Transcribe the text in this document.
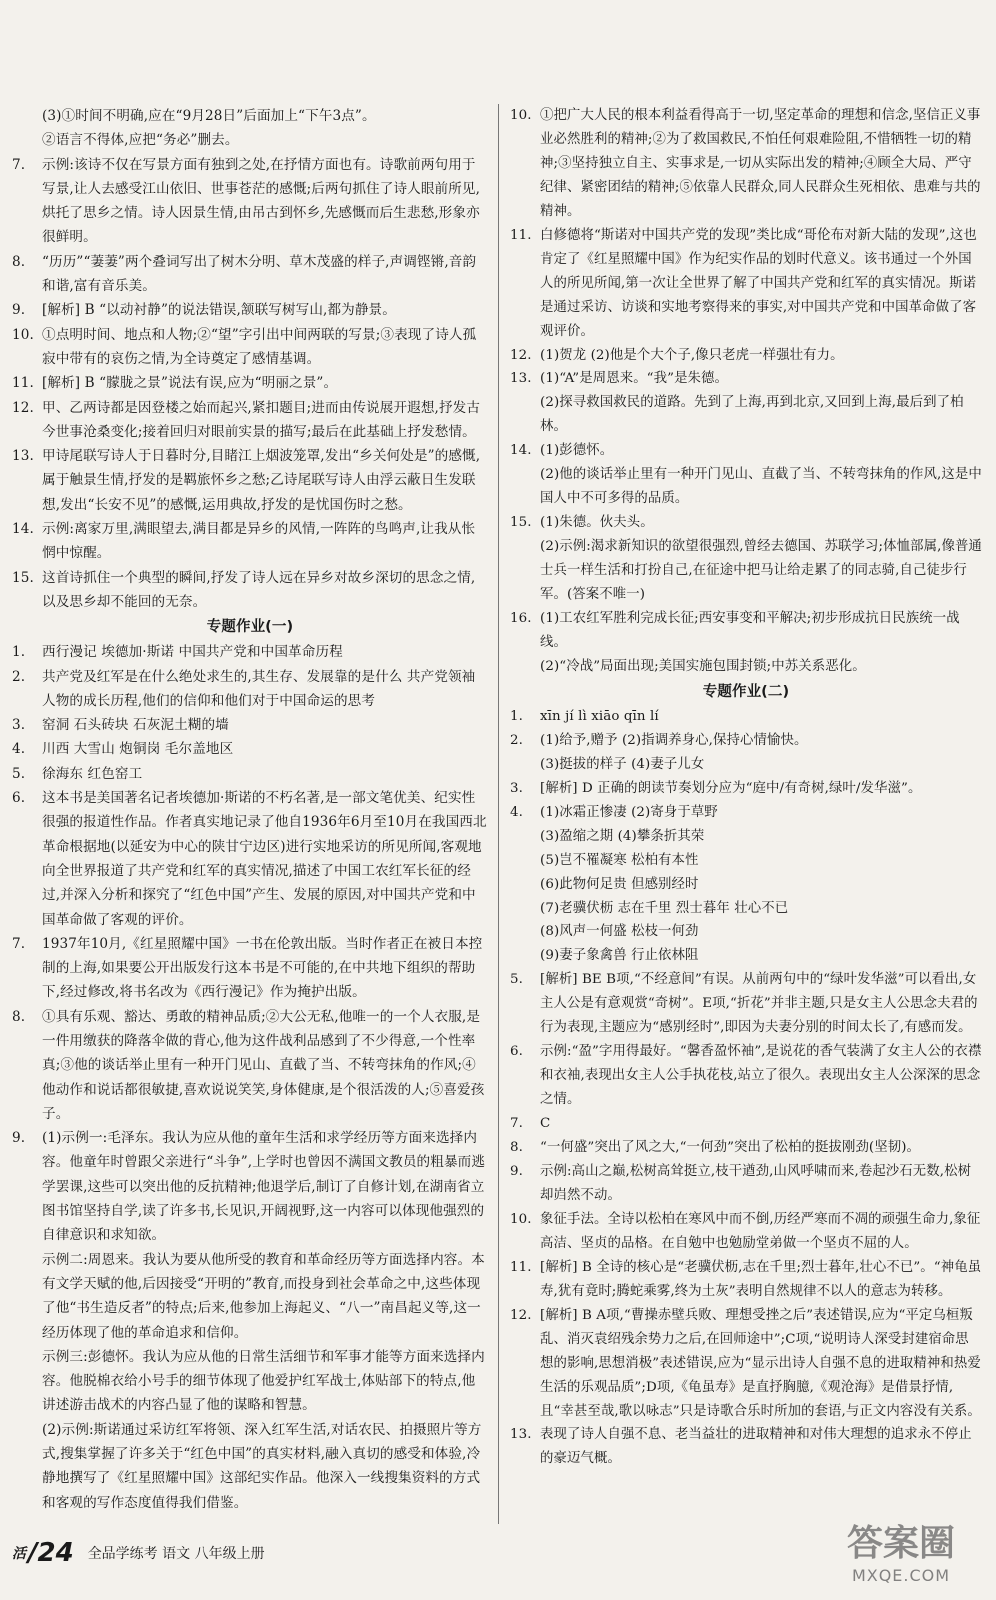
(3)①时间不明确,应在“9月28日”后面加上“下午3点”。
②语言不得体,应把“务必”删去。
7.	示例:该诗不仅在写景方面有独到之处,在抒情方面也有。诗歌前两句用于写景,让人去感受江山依旧、世事苍茫的感慨;后两句抓住了诗人眼前所见,烘托了思乡之情。诗人因景生情,由吊古到怀乡,先感慨而后生悲愁,形象亦很鲜明。
8.	“历历”“萋萋”两个叠词写出了树木分明、草木茂盛的样子,声调铿锵,音韵和谐,富有音乐美。
9.	[解析] B “以动衬静”的说法错误,颔联写树写山,都为静景。
10. ①点明时间、地点和人物;②“望”字引出中间两联的写景;③表现了诗人孤寂中带有的哀伤之情,为全诗奠定了感情基调。
11. [解析] B “朦胧之景”说法有误,应为“明丽之景”。
12. 甲、乙两诗都是因登楼之始而起兴,紧扣题目;进而由传说展开遐想,抒发古今世事沧桑变化;接着回归对眼前实景的描写;最后在此基础上抒发愁情。
13. 甲诗尾联写诗人于日暮时分,目睹江上烟波笼罩,发出“乡关何处是”的感慨,属于触景生情,抒发的是羁旅怀乡之愁;乙诗尾联写诗人由浮云蔽日生发联想,发出“长安不见”的感慨,运用典故,抒发的是忧国伤时之愁。
14. 示例:离家万里,满眼望去,满目都是异乡的风情,一阵阵的鸟鸣声,让我从怅惘中惊醒。
15. 这首诗抓住一个典型的瞬间,抒发了诗人远在异乡对故乡深切的思念之情,以及思乡却不能回的无奈。
专题作业(一)
1.	西行漫记 埃德加·斯诺 中国共产党和中国革命历程
2.	共产党及红军是在什么绝处求生的,其生存、发展靠的是什么 共产党领袖人物的成长历程,他们的信仰和他们对于中国命运的思考
3.	窑洞 石头砖块 石灰泥土糊的墙
4.	川西 大雪山 炮铜岗 毛尔盖地区
5.	徐海东 红色窑工
6.	这本书是美国著名记者埃德加·斯诺的不朽名著,是一部文笔优美、纪实性很强的报道性作品。作者真实地记录了他自1936年6月至10月在我国西北革命根据地(以延安为中心的陕甘宁边区)进行实地采访的所见所闻,客观地向全世界报道了共产党和红军的真实情况,描述了中国工农红军长征的经过,并深入分析和探究了“红色中国”产生、发展的原因,对中国共产党和中国革命做了客观的评价。
7.	1937年10月,《红星照耀中国》一书在伦敦出版。当时作者正在被日本控制的上海,如果要公开出版发行这本书是不可能的,在中共地下组织的帮助下,经过修改,将书名改为《西行漫记》作为掩护出版。
8.	①具有乐观、豁达、勇敢的精神品质;②大公无私,他唯一的一个人衣服,是一件用缴获的降落伞做的背心,他为这件战利品感到了不少得意,一个性率真;③他的谈话举止里有一种开门见山、直截了当、不转弯抹角的作风;④他动作和说话都很敏捷,喜欢说说笑笑,身体健康,是个很活泼的人;⑤喜爱孩子。
9.	(1)示例一:毛泽东。我认为应从他的童年生活和求学经历等方面来选择内容。他童年时曾跟父亲进行“斗争”,上学时也曾因不满国文教员的粗暴而逃学罢课,这些可以突出他的反抗精神;他退学后,制订了自修计划,在湖南省立图书馆坚持自学,读了许多书,长见识,开阔视野,这一内容可以体现他强烈的自律意识和求知欲。
示例二:周恩来。我认为要从他所受的教育和革命经历等方面选择内容。本有文学天赋的他,后因接受“开明的”教育,而投身到社会革命之中,这些体现了他“书生造反者”的特点;后来,他参加上海起义、“八一”南昌起义等,这一经历体现了他的革命追求和信仰。
示例三:彭德怀。我认为应从他的日常生活细节和军事才能等方面来选择内容。他脱棉衣给小号手的细节体现了他爱护红军战士,体贴部下的特点,他讲述游击战术的内容凸显了他的谋略和智慧。
(2)示例:斯诺通过采访红军将领、深入红军生活,对话农民、拍摄照片等方式,搜集掌握了许多关于“红色中国”的真实材料,融入真切的感受和体验,冷静地撰写了《红星照耀中国》这部纪实作品。他深入一线搜集资料的方式和客观的写作态度值得我们借鉴。
10. ①把广大人民的根本利益看得高于一切,坚定革命的理想和信念,坚信正义事业必然胜利的精神;②为了救国救民,不怕任何艰难险阻,不惜牺牲一切的精神;③坚持独立自主、实事求是,一切从实际出发的精神;④顾全大局、严守纪律、紧密团结的精神;⑤依靠人民群众,同人民群众生死相依、患难与共的精神。
11. 白修德将“斯诺对中国共产党的发现”类比成“哥伦布对新大陆的发现”,这也肯定了《红星照耀中国》作为纪实作品的划时代意义。该书通过一个外国人的所见所闻,第一次让全世界了解了中国共产党和红军的真实情况。斯诺是通过采访、访谈和实地考察得来的事实,对中国共产党和中国革命做了客观评价。
12. (1)贺龙 (2)他是个大个子,像只老虎一样强壮有力。
13. (1)“A”是周恩来。“我”是朱德。
(2)探寻救国救民的道路。先到了上海,再到北京,又回到上海,最后到了柏林。
14. (1)彭德怀。
(2)他的谈话举止里有一种开门见山、直截了当、不转弯抹角的作风,这是中国人中不可多得的品质。
15. (1)朱德。伙夫头。
(2)示例:渴求新知识的欲望很强烈,曾经去德国、苏联学习;体恤部属,像普通士兵一样生活和打扮自己,在征途中把马让给走累了的同志骑,自己徒步行军。(答案不唯一)
16. (1)工农红军胜利完成长征;西安事变和平解决;初步形成抗日民族统一战线。
(2)“冷战”局面出现;美国实施包围封锁;中苏关系恶化。
专题作业(二)
1.	xīn jí lì xiāo qīn lí
2.	(1)给予,赠予 (2)指调养身心,保持心情愉快。
(3)挺拔的样子 (4)妻子儿女
3.	[解析] D 正确的朗读节奏划分应为“庭中/有奇树,绿叶/发华滋”。
4.	(1)冰霜正惨凄 (2)寄身于草野
(3)盈缩之期 (4)攀条折其荣
(5)岂不罹凝寒 松柏有本性
(6)此物何足贵 但感别经时
(7)老骥伏枥 志在千里 烈士暮年 壮心不已
(8)风声一何盛 松枝一何劲
(9)妻子象禽兽 行止依林阻
5.	[解析] BE B项,“不经意间”有误。从前两句中的“绿叶发华滋”可以看出,女主人公是有意观赏“奇树”。E项,“折花”并非主题,只是女主人公思念夫君的行为表现,主题应为“感别经时”,即因为夫妻分别的时间太长了,有感而发。
6.	示例:“盈”字用得最好。“馨香盈怀袖”,是说花的香气装满了女主人公的衣襟和衣袖,表现出女主人公手执花枝,站立了很久。表现出女主人公深深的思念之情。
7.	C
8.	“一何盛”突出了风之大,“一何劲”突出了松柏的挺拔刚劲(坚韧)。
9.	示例:高山之巅,松树高耸挺立,枝干遒劲,山风呼啸而来,卷起沙石无数,松树却岿然不动。
10. 象征手法。全诗以松柏在寒风中而不倒,历经严寒而不凋的顽强生命力,象征高洁、坚贞的品格。在自勉中也勉励堂弟做一个坚贞不屈的人。
11. [解析] B 全诗的核心是“老骥伏枥,志在千里;烈士暮年,壮心不已”。“神龟虽寿,犹有竟时;腾蛇乘雾,终为土灰”表明自然规律不以人的意志为转移。
12. [解析] B A项,“曹操赤壁兵败、理想受挫之后”表述错误,应为“平定乌桓叛乱、消灭袁绍残余势力之后,在回师途中”;C项,“说明诗人深受封建宿命思想的影响,思想消极”表述错误,应为“显示出诗人自强不息的进取精神和热爱生活的乐观品质”;D项,《龟虽寿》是直抒胸臆,《观沧海》是借景抒情,且“幸甚至哉,歌以咏志”只是诗歌合乐时所加的套语,与正文内容没有关系。
13. 表现了诗人自强不息、老当益壮的进取精神和对伟大理想的追求永不停止的豪迈气概。
活 /24 全品学练考 语文 八年级上册	答案圈
MXQE.COM
